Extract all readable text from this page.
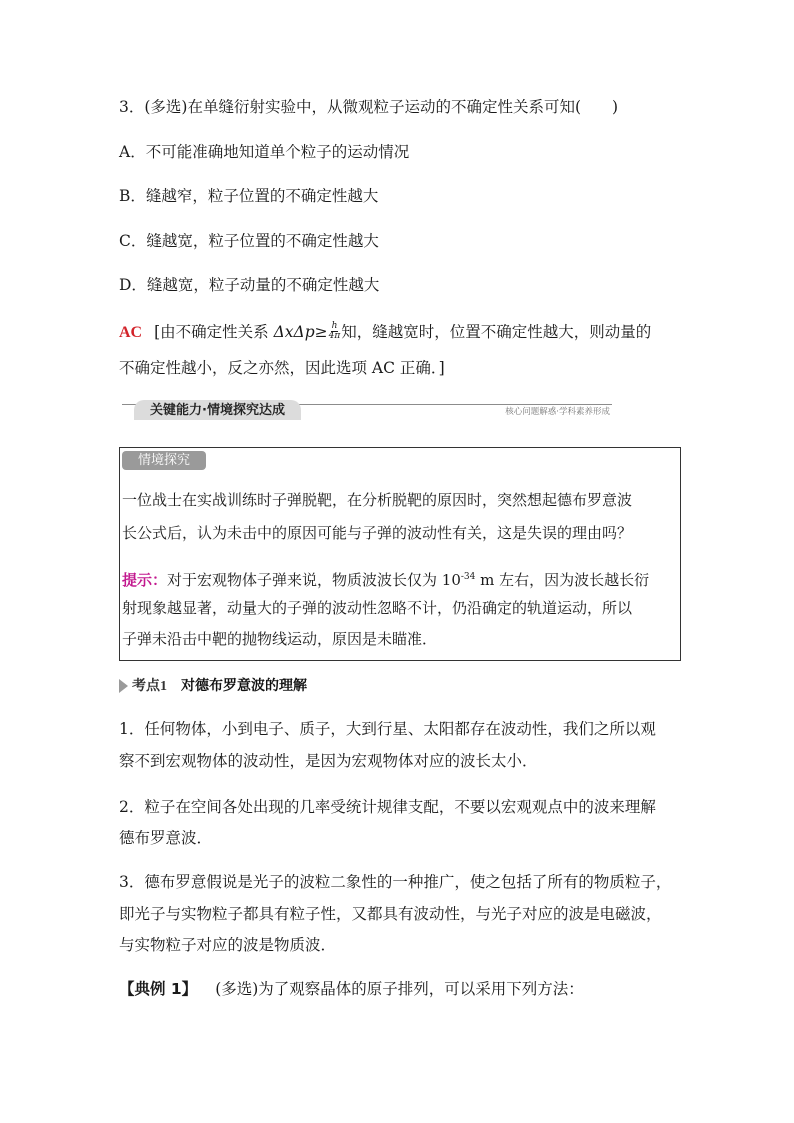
3．(多选)在单缝衍射实验中，从微观粒子运动的不确定性关系可知(　　)
A．不可能准确地知道单个粒子的运动情况
B．缝越窄，粒子位置的不确定性越大
C．缝越宽，粒子位置的不确定性越大
D．缝越宽，粒子动量的不确定性越大
AC [由不确定性关系 $\Delta x\Delta p\ge \frac{h}{4\pi}$ 知，缝越宽时，位置不确定性越大，则动量的
不确定性越小，反之亦然，因此选项 AC 正确．]
关键能力·情境探究达成	核心问题解惑·学科素养形成
情境探究
一位战士在实战训练时子弹脱靶，在分析脱靶的原因时，突然想起德布罗意波
长公式后，认为未击中的原因可能与子弹的波动性有关，这是失误的理由吗？
提示：对于宏观物体子弹来说，物质波波长仅为 $10^{-34}$ m 左右，因为波长越长衍
射现象越显著，动量大的子弹的波动性忽略不计，仍沿确定的轨道运动，所以
子弹未沿击中靶的抛物线运动，原因是未瞄准．
考点1 对德布罗意波的理解
1．任何物体，小到电子、质子，大到行星、太阳都存在波动性，我们之所以观
察不到宏观物体的波动性，是因为宏观物体对应的波长太小．
2．粒子在空间各处出现的几率受统计规律支配，不要以宏观观点中的波来理解
德布罗意波．
3．德布罗意假说是光子的波粒二象性的一种推广，使之包括了所有的物质粒子，
即光子与实物粒子都具有粒子性，又都具有波动性，与光子对应的波是电磁波，
与实物粒子对应的波是物质波．
【典例 1】 (多选)为了观察晶体的原子排列，可以采用下列方法：
